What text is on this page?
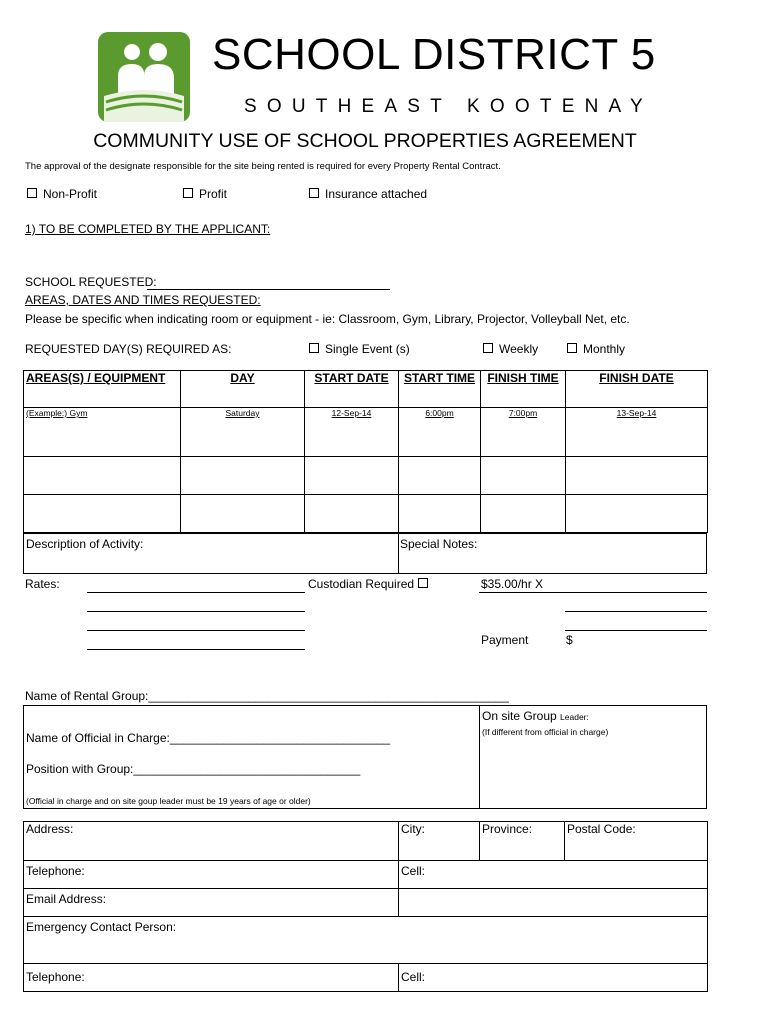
SCHOOL DISTRICT 5
SOUTHEAST KOOTENAY
COMMUNITY USE OF SCHOOL PROPERTIES AGREEMENT
The approval of the designate responsible for the site being rented is required for every Property Rental Contract.
Non-Profit	Profit	Insurance attached
1) TO BE COMPLETED BY THE APPLICANT:
SCHOOL REQUESTED:
AREAS, DATES AND TIMES REQUESTED:
Please be specific when indicating room or equipment - ie: Classroom, Gym, Library, Projector, Volleyball Net, etc.
REQUESTED DAY(S) REQUIRED AS:	Single Event (s)	Weekly	Monthly
AREAS(S) / EQUIPMENT	DAY	START DATE	START TIME	FINISH TIME	FINISH DATE
(Example:) Gym	Saturday	12-Sep-14	6:00pm	7:00pm	13-Sep-14

Description of Activity:	Special Notes:
Rates:	Custodian Required	$35.00/hr X
Payment	$
Name of Rental Group:______________________________________________________
Name of Official in Charge:_________________________________
Position with Group:__________________________________
(Official in charge and on site goup leader must be 19 years of age or older)
On site Group Leader:
(If different from official in charge)
Address:	City:	Province:	Postal Code:
Telephone:	Cell:		
Email Address:			
Emergency Contact Person:			
Telephone:	Cell:		
